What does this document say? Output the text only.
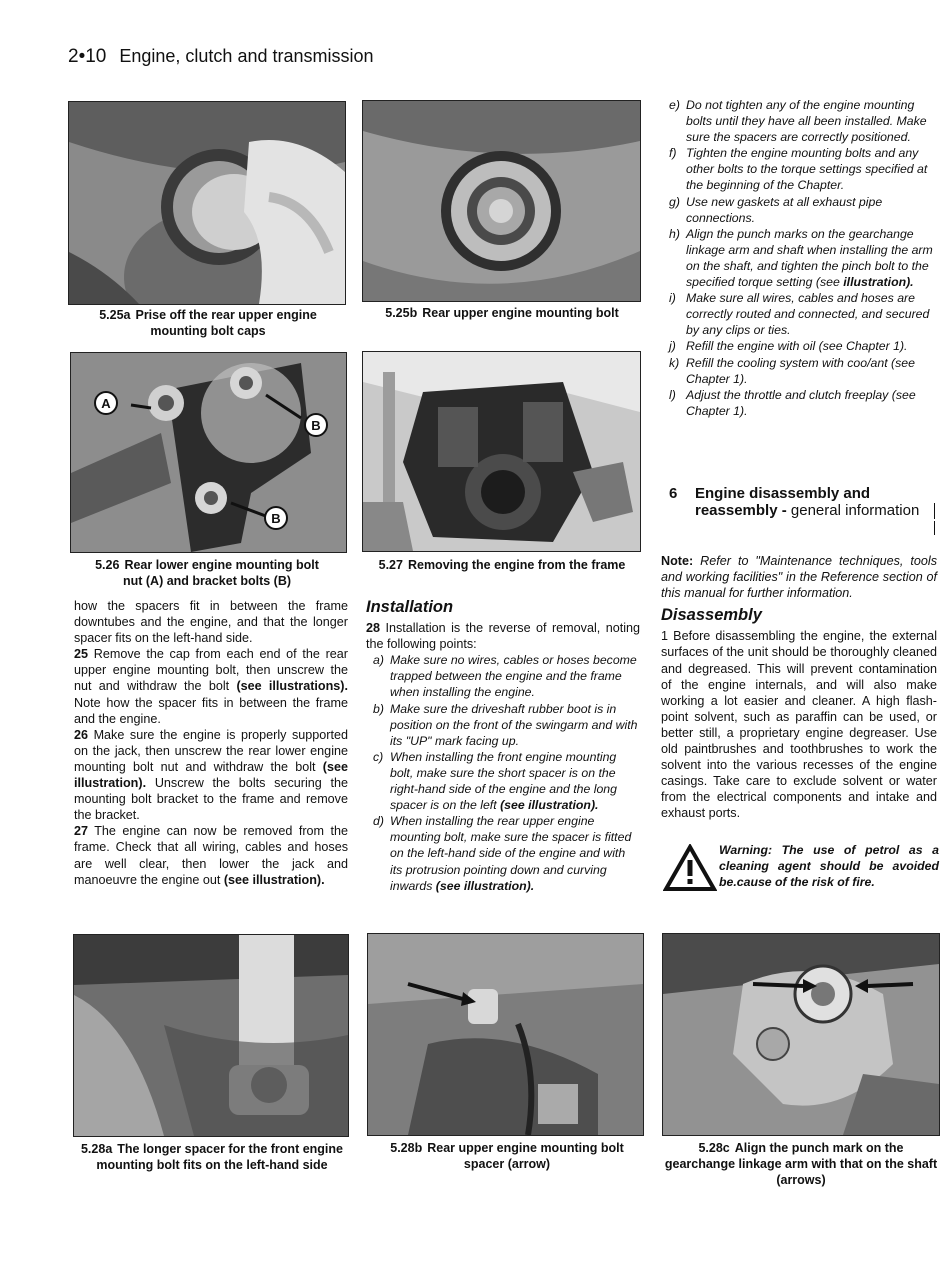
2•10 Engine, clutch and transmission
5.25a Prise off the rear upper engine mounting bolt caps
5.25b Rear upper engine mounting bolt
A
B
B
5.26 Rear lower engine mounting bolt nut (A) and bracket bolts (B)
5.27 Removing the engine from the frame

how the spacers fit in between the frame downtubes and the engine, and that the longer spacer fits on the left-hand side.

25 Remove the cap from each end of the rear upper engine mounting bolt, then unscrew the nut and withdraw the bolt (see illustrations). Note how the spacer fits in between the frame and the engine.

26 Make sure the engine is properly supported on the jack, then unscrew the rear lower engine mounting bolt nut and withdraw the bolt (see illustration). Unscrew the bolts securing the mounting bolt bracket to the frame and remove the bracket.

27 The engine can now be removed from the frame. Check that all wiring, cables and hoses are well clear, then lower the jack and manoeuvre the engine out (see illustration).

Installation

28 Installation is the reverse of removal, noting the following points:

a) Make sure no wires, cables or hoses become trapped between the engine and the frame when installing the engine.
b) Make sure the driveshaft rubber boot is in position on the front of the swingarm and with its "UP" mark facing up.
c) When installing the front engine mounting bolt, make sure the short spacer is on the right-hand side of the engine and the long spacer is on the left (see illustration).
d) When installing the rear upper engine mounting bolt, make sure the spacer is fitted on the left-hand side of the engine and with its protrusion pointing down and curving inwards (see illustration).
e) Do not tighten any of the engine mounting bolts until they have all been installed. Make sure the spacers are correctly positioned.
f) Tighten the engine mounting bolts and any other bolts to the torque settings specified at the beginning of the Chapter.
g) Use new gaskets at all exhaust pipe connections.
h) Align the punch marks on the gearchange linkage arm and shaft when installing the arm on the shaft, and tighten the pinch bolt to the specified torque setting (see illustration).
i) Make sure all wires, cables and hoses are correctly routed and connected, and secured by any clips or ties.
j) Refill the engine with oil (see Chapter 1).
k) Refill the cooling system with coo/ant (see Chapter 1).
l) Adjust the throttle and clutch freeplay (see Chapter 1).
6 Engine disassembly and reassembly - general information

Note: Refer to "Maintenance techniques, tools and working facilities" in the Reference section of this manual for further information.

Disassembly

1 Before disassembling the engine, the external surfaces of the unit should be thoroughly cleaned and degreased. This will prevent contamination of the engine internals, and will also make working a lot easier and cleaner. A high flash-point solvent, such as paraffin can be used, or better still, a proprietary engine degreaser. Use old paintbrushes and toothbrushes to work the solvent into the various recesses of the engine casings. Take care to exclude solvent or water from the electrical components and intake and exhaust ports.

Warning: The use of petrol as a cleaning agent should be avoided be.cause of the risk of fire.
5.28a The longer spacer for the front engine mounting bolt fits on the left-hand side
5.28b Rear upper engine mounting bolt spacer (arrow)
5.28c Align the punch mark on the gearchange linkage arm with that on the shaft (arrows)
